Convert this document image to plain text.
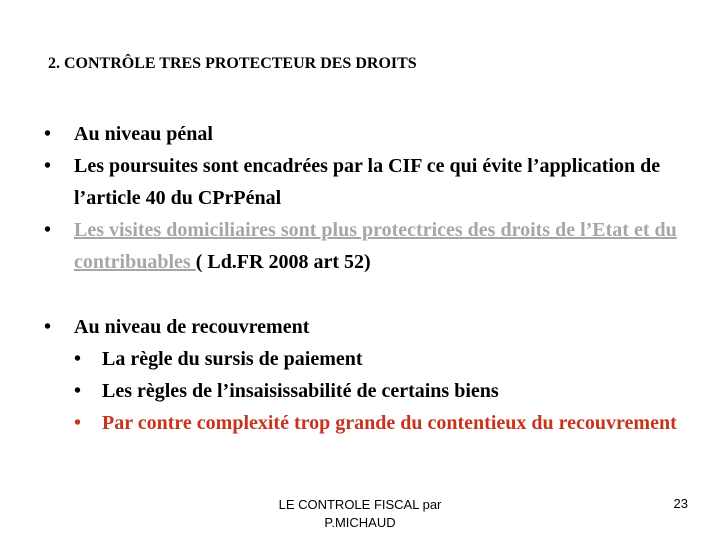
2. CONTRÔLE TRES PROTECTEUR DES DROITS
• Au niveau pénal
• Les poursuites sont encadrées par la CIF ce qui évite l’application de l’article 40 du CPrPénal
• Les visites domiciliaires sont plus protectrices des droits de l’Etat et du contribuables ( Ld.FR 2008 art 52)
• Au niveau de recouvrement
• La règle du sursis de paiement
• Les règles de l’insaisissabilité de certains biens
• Par contre complexité trop grande du contentieux du recouvrement
LE CONTROLE FISCAL par
P.MICHAUD
23
